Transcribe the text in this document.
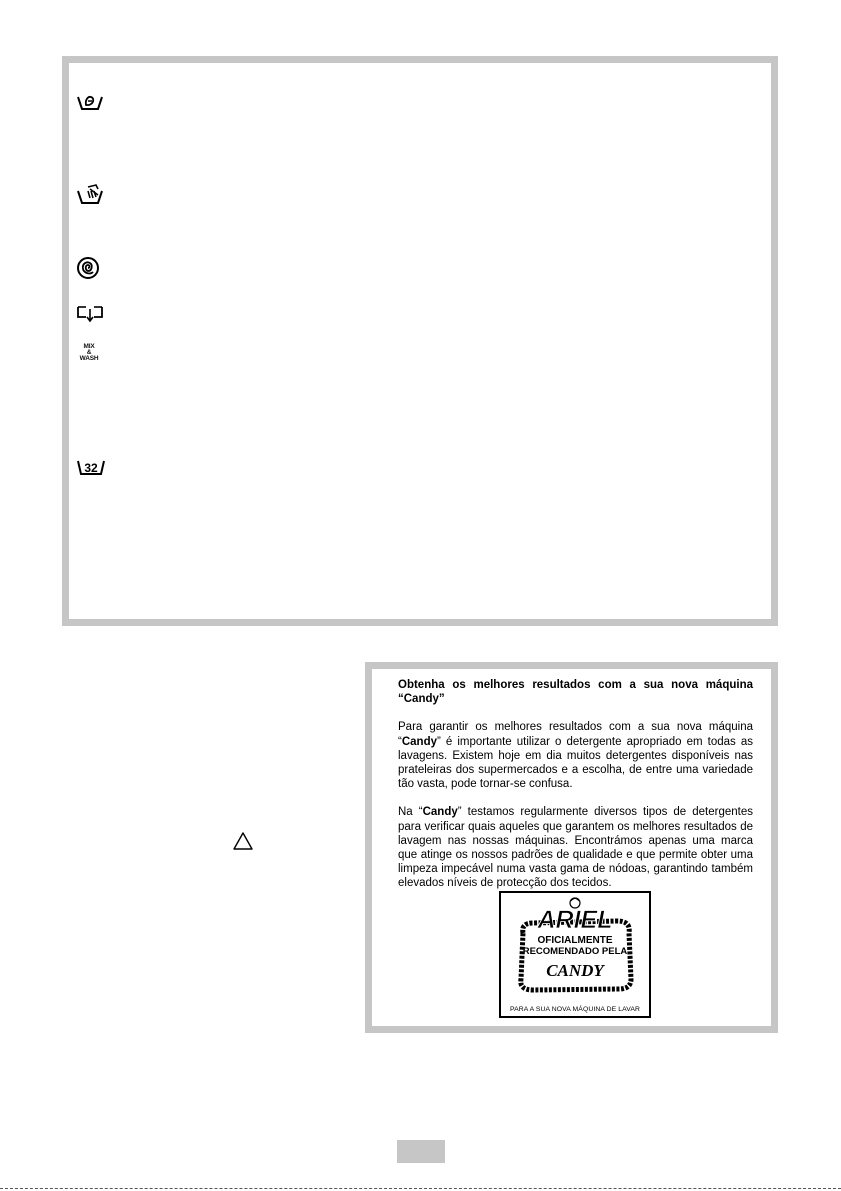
MIX
&
WASH
32

Obtenha os melhores resultados com a sua nova máquina “Candy”

Para garantir os melhores resultados com a sua nova máquina “Candy” é importante utilizar o detergente apropriado em todas as lavagens. Existem hoje em dia muitos detergentes disponíveis nas prateleiras dos supermercados e a escolha, de entre uma variedade tão vasta, pode tornar-se confusa.

Na “Candy” testamos regularmente diversos tipos de detergentes para verificar quais aqueles que garantem os melhores resultados de lavagem nas nossas máquinas. Encontrámos apenas uma marca que atinge os nossos padrões de qualidade e que permite obter uma limpeza impecável numa vasta gama de nódoas, garantindo também elevados níveis de protecção dos tecidos.

ARIEL
OFICIALMENTE
RECOMENDADO PELA
CANDY
PARA A SUA NOVA MÁQUINA DE LAVAR
